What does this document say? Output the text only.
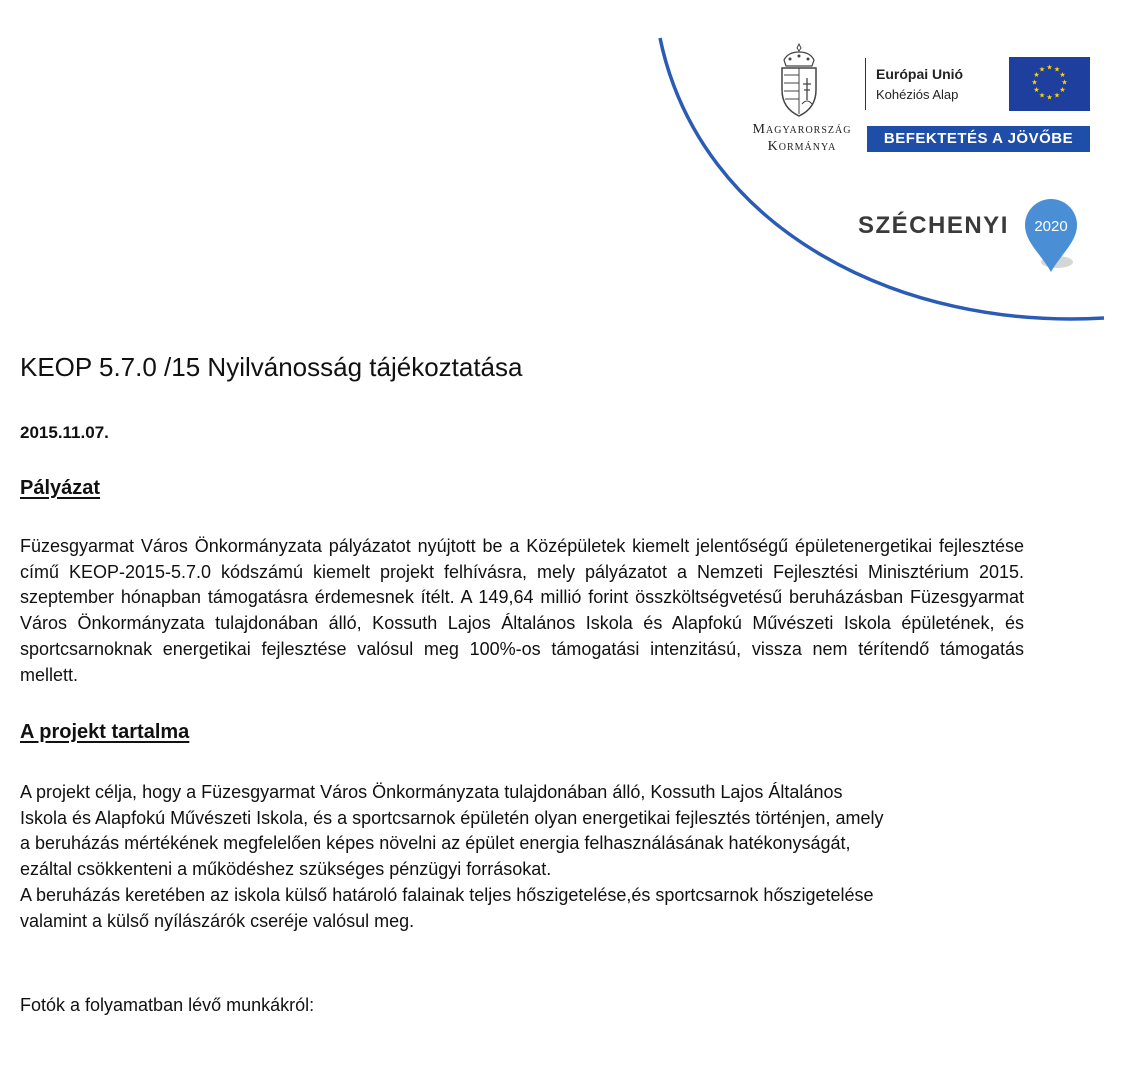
Magyarország
Kormánya
Európai Unió
Kohéziós Alap
★ ★
★
★
★
★
★
★
★
★
★
★
BEFEKTETÉS A JÖVŐBE
SZÉCHENYI 2020
KEOP 5.7.0 /15 Nyilvánosság tájékoztatása

2015.11.07.

Pályázat

Füzesgyarmat Város Önkormányzata pályázatot nyújtott be a Középületek kiemelt jelentőségű épületenergetikai fejlesztése című KEOP-2015-5.7.0 kódszámú kiemelt projekt felhívásra, mely pályázatot a Nemzeti Fejlesztési Minisztérium 2015. szeptember hónapban támogatásra érdemesnek ítélt. A 149,64 millió forint összköltségvetésű beruházásban Füzesgyarmat Város Önkormányzata tulajdonában álló, Kossuth Lajos Általános Iskola és Alapfokú Művészeti Iskola épületének, és sportcsarnoknak energetikai fejlesztése valósul meg 100%-os támogatási intenzitású, vissza nem térítendő támogatás mellett.

A projekt tartalma
A projekt célja, hogy a Füzesgyarmat Város Önkormányzata tulajdonában álló, Kossuth Lajos Általános
Iskola és Alapfokú Művészeti Iskola, és a sportcsarnok épületén olyan energetikai fejlesztés történjen, amely
a beruházás mértékének megfelelően képes növelni az épület energia felhasználásának hatékonyságát,
ezáltal csökkenteni a működéshez szükséges pénzügyi forrásokat.
A beruházás keretében az iskola külső határoló falainak teljes hőszigetelése,és sportcsarnok hőszigetelése
valamint a külső nyílászárók cseréje valósul meg.

Fotók a folyamatban lévő munkákról:
